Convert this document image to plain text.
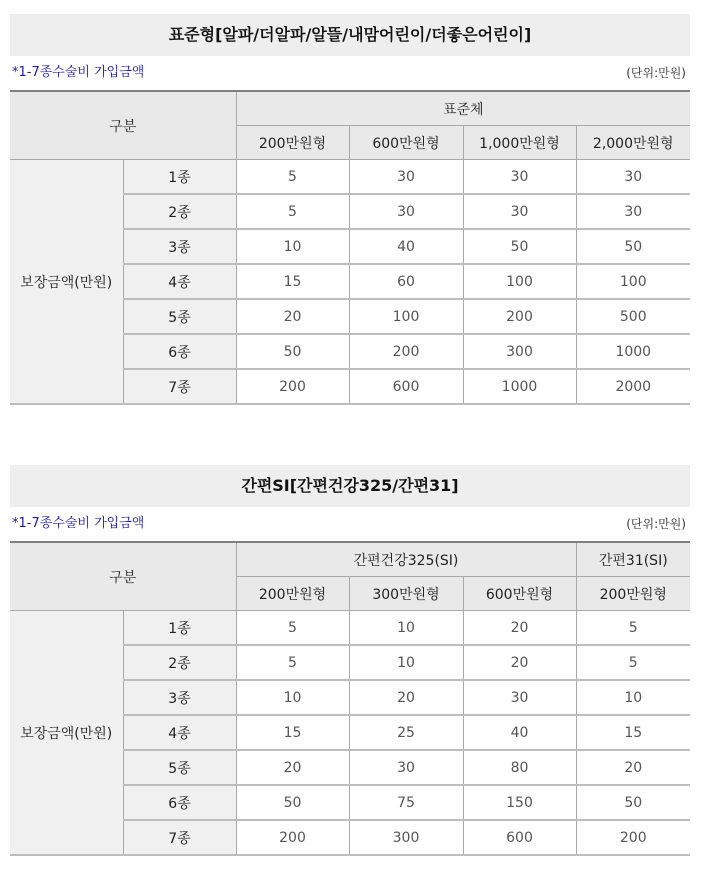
표준형[알파/더알파/알뜰/내맘어린이/더좋은어린이]
*1-7종수술비 가입금액	(단위:만원)
구분		표준체			
		200만원형	600만원형	1,000만원형	2,000만원형
보장금액(만원)	1종	5	30	30	30
	2종	5	30	30	30
	3종	10	40	50	50
	4종	15	60	100	100
	5종	20	100	200	500
	6종	50	200	300	1000
	7종	200	600	1000	2000
간편SI[간편건강325/간편31]
*1-7종수술비 가입금액	(단위:만원)
구분		간편건강325(SI)			간편31(SI)
		200만원형	300만원형	600만원형	200만원형
보장금액(만원)	1종	5	10	20	5
	2종	5	10	20	5
	3종	10	20	30	10
	4종	15	25	40	15
	5종	20	30	80	20
	6종	50	75	150	50
	7종	200	300	600	200
